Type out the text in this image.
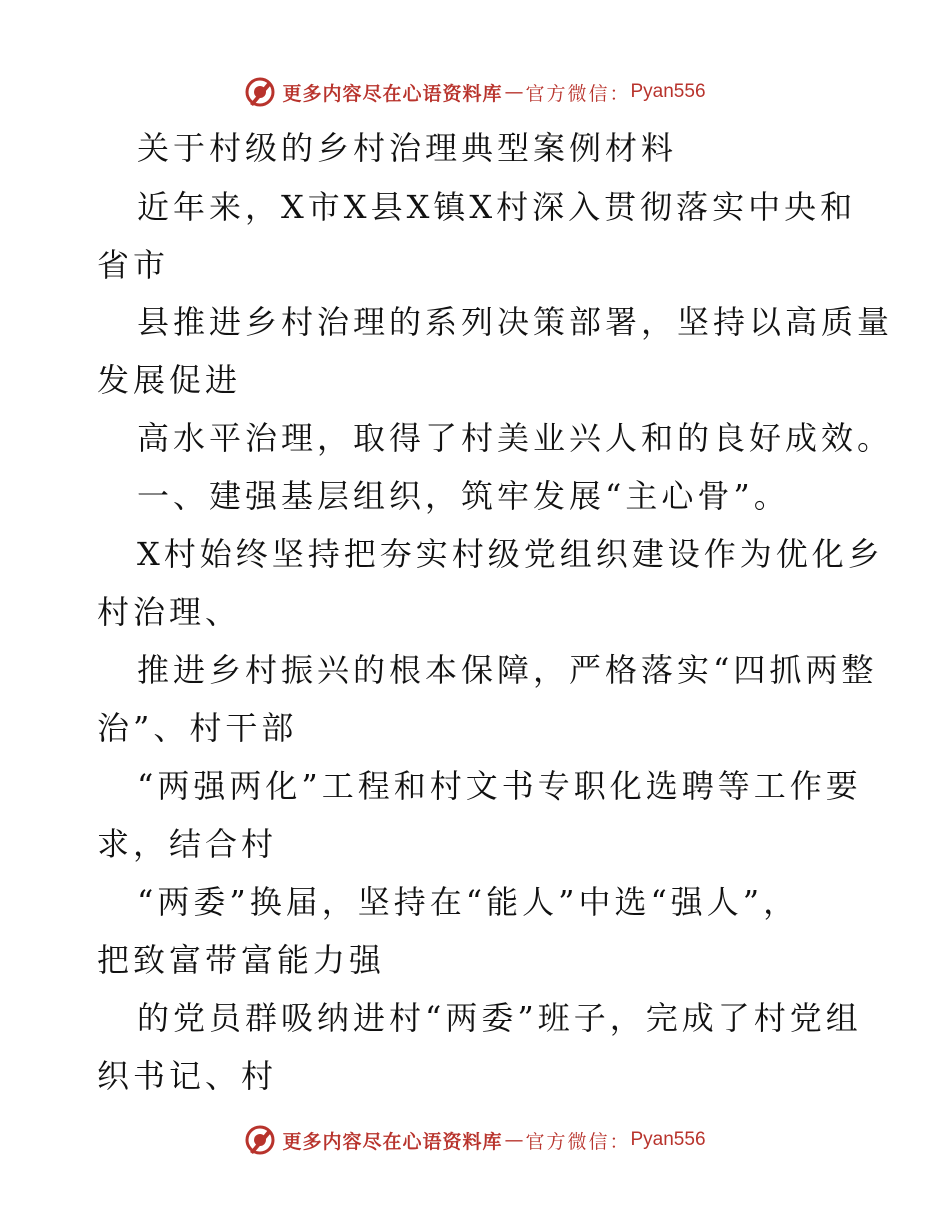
更多内容尽在心语资料库 — 官方微信： Pyan556
关于村级的乡村治理典型案例材料
近年来，X市X县X镇X村深入贯彻落实中央和
省市
县推进乡村治理的系列决策部署，坚持以高质量
发展促进
高水平治理，取得了村美业兴人和的良好成效。
一、建强基层组织，筑牢发展“主心骨”。
X村始终坚持把夯实村级党组织建设作为优化乡
村治理、
推进乡村振兴的根本保障，严格落实“四抓两整
治”、村干部
“两强两化”工程和村文书专职化选聘等工作要
求，结合村
“两委”换届，坚持在“能人”中选“强人”，
把致富带富能力强
的党员群吸纳进村“两委”班子，完成了村党组
织书记、村
更多内容尽在心语资料库 — 官方微信： Pyan556
